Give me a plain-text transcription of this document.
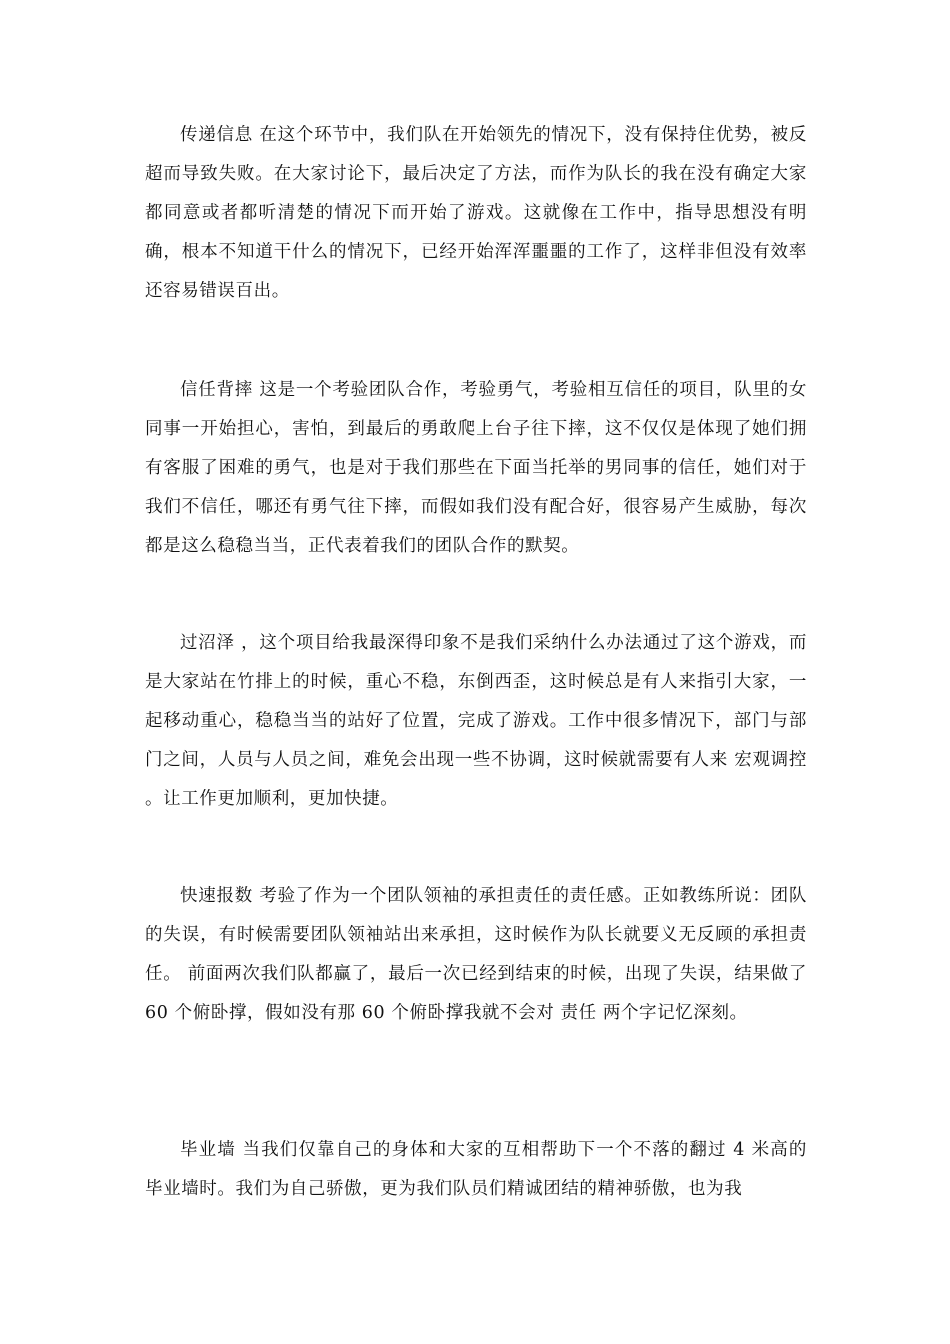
传递信息 在这个环节中，我们队在开始领先的情况下，没有保持住优势，被反超而导致失败。在大家讨论下，最后决定了方法，而作为队长的我在没有确定大家都同意或者都听清楚的情况下而开始了游戏。这就像在工作中，指导思想没有明确，根本不知道干什么的情况下，已经开始浑浑噩噩的工作了，这样非但没有效率还容易错误百出。

信任背摔 这是一个考验团队合作，考验勇气，考验相互信任的项目，队里的女同事一开始担心，害怕，到最后的勇敢爬上台子往下摔，这不仅仅是体现了她们拥有客服了困难的勇气，也是对于我们那些在下面当托举的男同事的信任，她们对于我们不信任，哪还有勇气往下摔，而假如我们没有配合好，很容易产生威胁，每次都是这么稳稳当当，正代表着我们的团队合作的默契。

过沼泽 ，这个项目给我最深得印象不是我们采纳什么办法通过了这个游戏，而是大家站在竹排上的时候，重心不稳，东倒西歪，这时候总是有人来指引大家，一起移动重心，稳稳当当的站好了位置，完成了游戏。工作中很多情况下，部门与部门之间，人员与人员之间，难免会出现一些不协调，这时候就需要有人来 宏观调控 。让工作更加顺利，更加快捷。

快速报数 考验了作为一个团队领袖的承担责任的责任感。正如教练所说：团队的失误，有时候需要团队领袖站出来承担，这时候作为队长就要义无反顾的承担责任。 前面两次我们队都赢了，最后一次已经到结束的时候，出现了失误，结果做了 60 个俯卧撑，假如没有那 60 个俯卧撑我就不会对 责任 两个字记忆深刻。

毕业墙 当我们仅靠自己的身体和大家的互相帮助下一个不落的翻过 4 米高的毕业墙时。我们为自己骄傲，更为我们队员们精诚团结的精神骄傲，也为我
